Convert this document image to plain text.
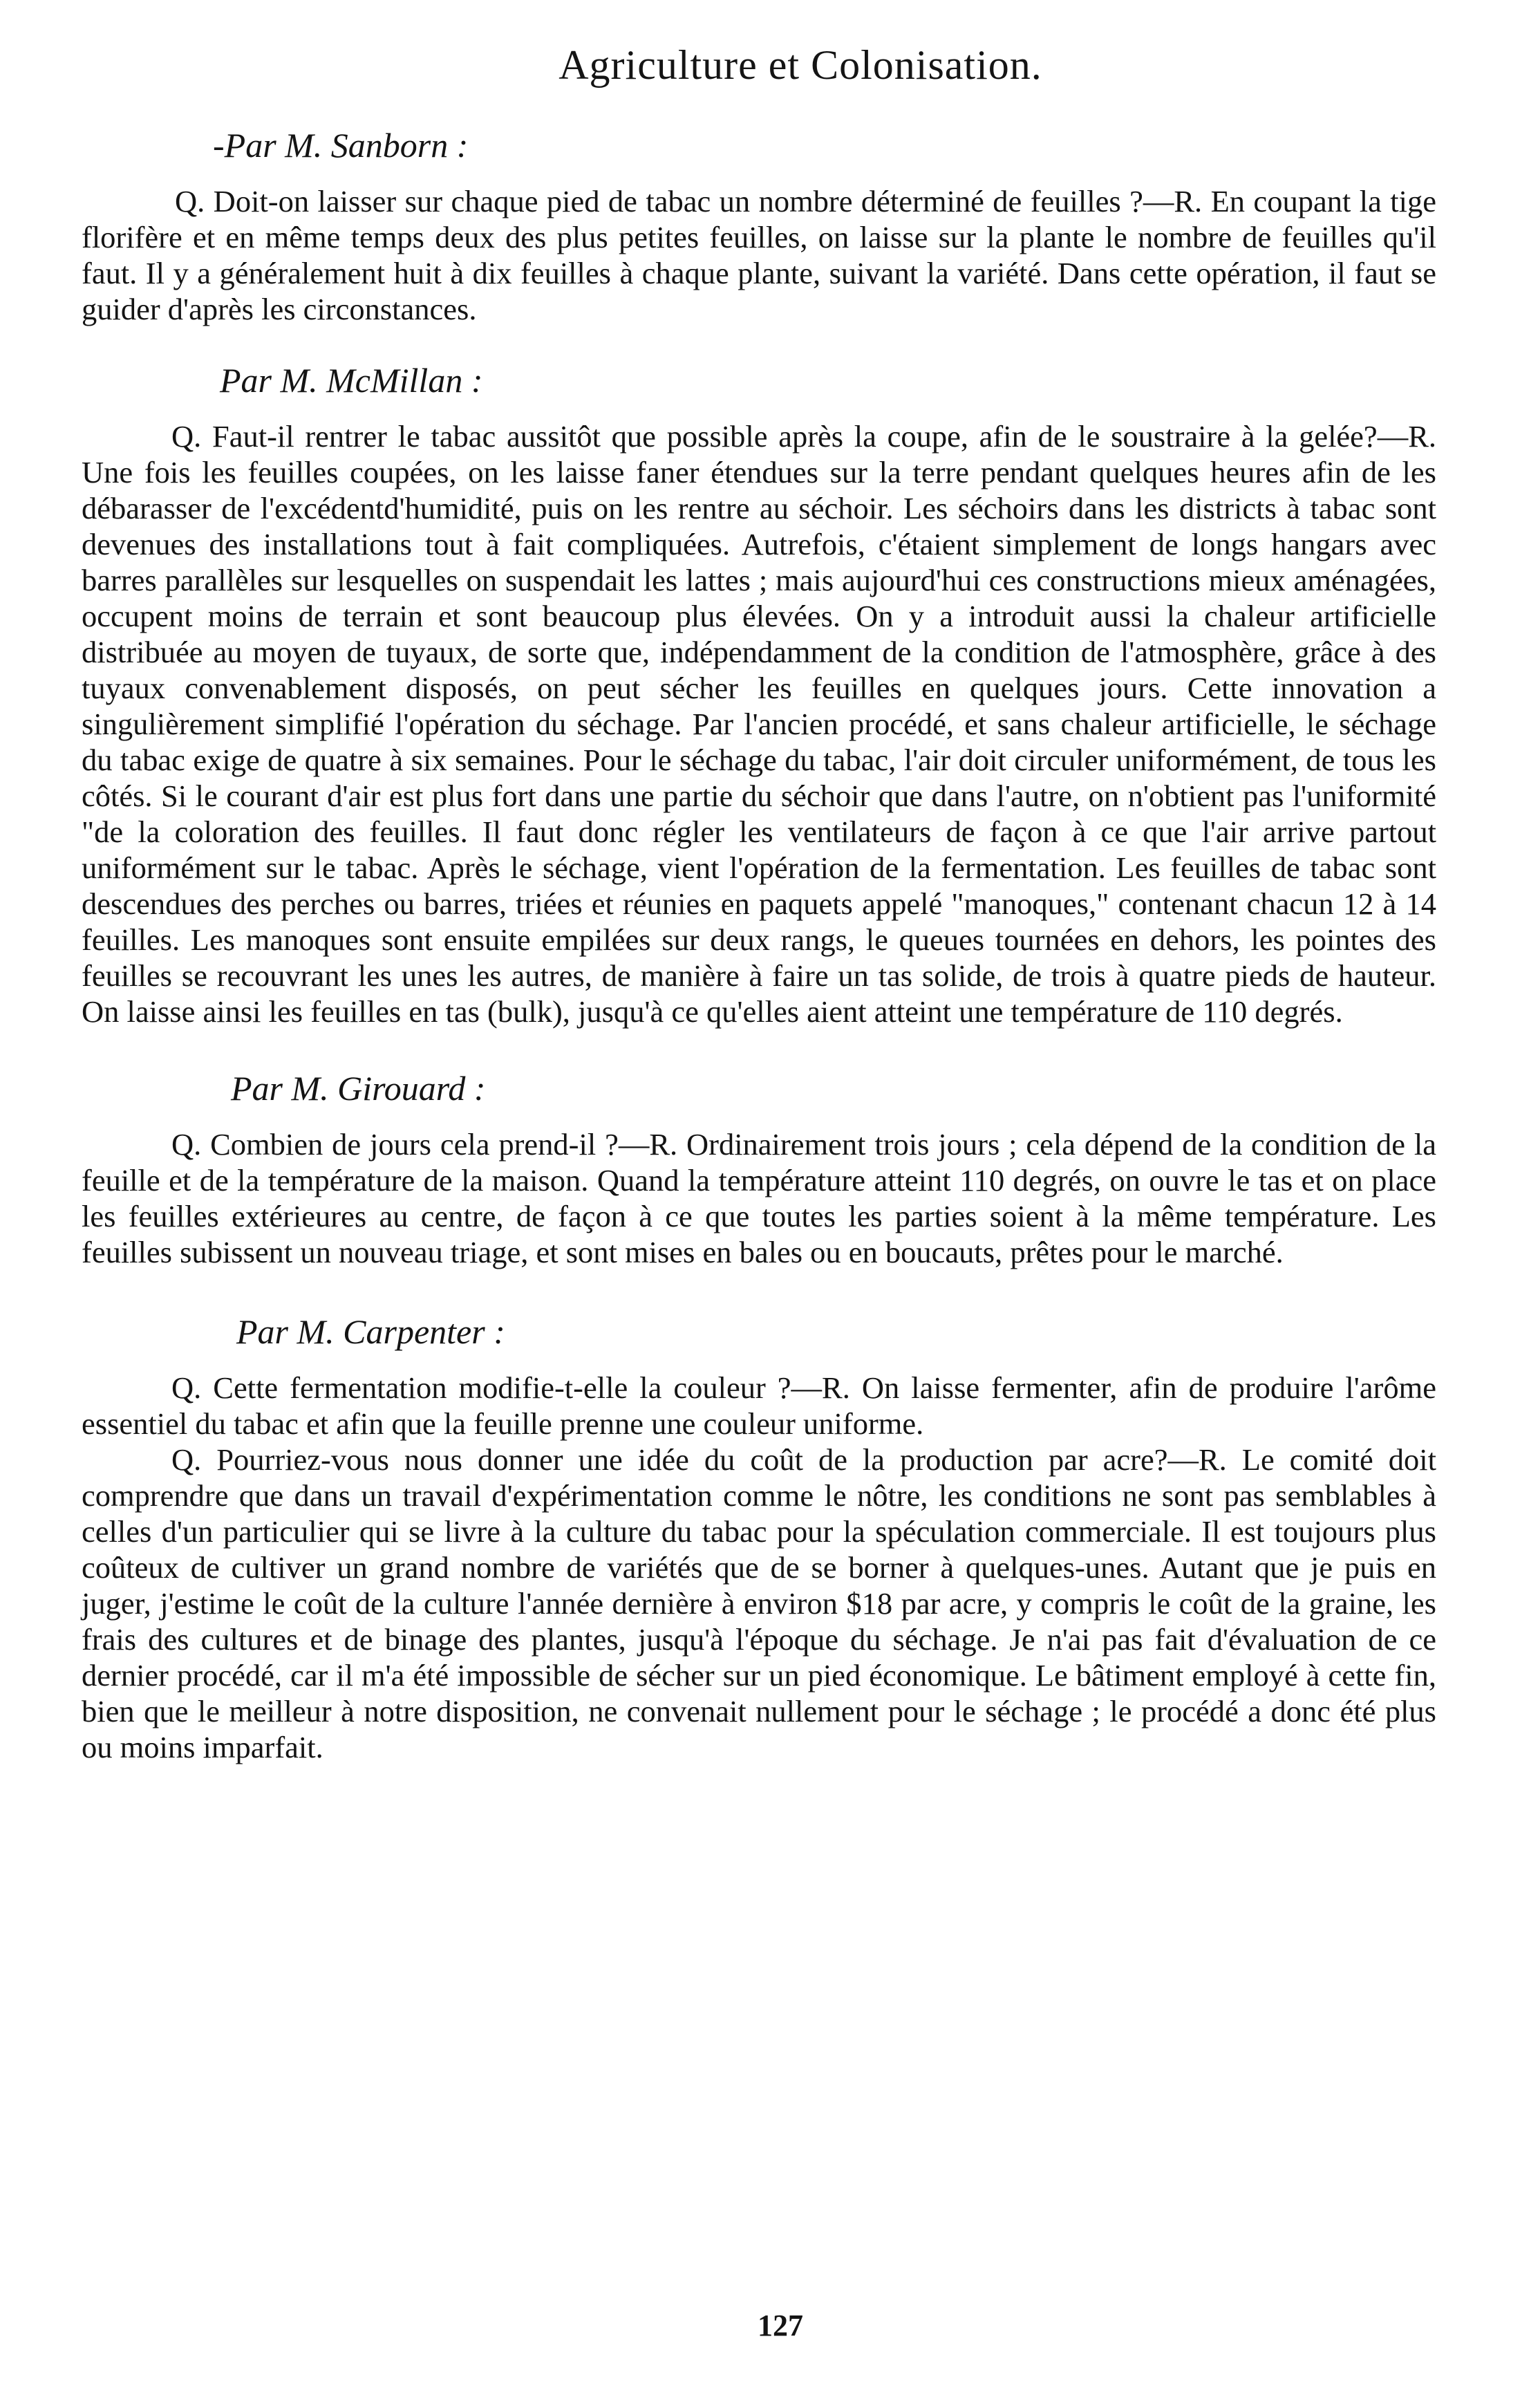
Agriculture et Colonisation.
-Par M. Sanborn :

Q. Doit-on laisser sur chaque pied de tabac un nombre déterminé de feuilles ?—R. En coupant la tige florifère et en même temps deux des plus petites feuilles, on laisse sur la plante le nombre de feuilles qu'il faut. Il y a généralement huit à dix feuilles à chaque plante, suivant la variété. Dans cette opération, il faut se guider d'après les circonstances.

Par M. McMillan :

Q. Faut-il rentrer le tabac aussitôt que possible après la coupe, afin de le soustraire à la gelée?—R. Une fois les feuilles coupées, on les laisse faner étendues sur la terre pendant quelques heures afin de les débarasser de l'excédentd'humidité, puis on les rentre au séchoir. Les séchoirs dans les districts à tabac sont devenues des installations tout à fait compliquées. Autrefois, c'étaient simplement de longs hangars avec barres parallèles sur lesquelles on suspendait les lattes ; mais aujourd'hui ces constructions mieux aménagées, occupent moins de terrain et sont beaucoup plus élevées. On y a introduit aussi la chaleur artificielle distribuée au moyen de tuyaux, de sorte que, indépendamment de la condition de l'atmosphère, grâce à des tuyaux convenablement disposés, on peut sécher les feuilles en quelques jours. Cette innovation a singulièrement simplifié l'opération du séchage. Par l'ancien procédé, et sans chaleur artificielle, le séchage du tabac exige de quatre à six semaines. Pour le séchage du tabac, l'air doit circuler uniformément, de tous les côtés. Si le courant d'air est plus fort dans une partie du séchoir que dans l'autre, on n'obtient pas l'uniformité "de la coloration des feuilles. Il faut donc régler les ventilateurs de façon à ce que l'air arrive partout uniformément sur le tabac. Après le séchage, vient l'opération de la fermentation. Les feuilles de tabac sont descendues des perches ou barres, triées et réunies en paquets appelé "manoques," contenant chacun 12 à 14 feuilles. Les manoques sont ensuite empilées sur deux rangs, le queues tournées en dehors, les pointes des feuilles se recouvrant les unes les autres, de manière à faire un tas solide, de trois à quatre pieds de hauteur. On laisse ainsi les feuilles en tas (bulk), jusqu'à ce qu'elles aient atteint une température de 110 degrés.

Par M. Girouard :

Q. Combien de jours cela prend-il ?—R. Ordinairement trois jours ; cela dépend de la condition de la feuille et de la température de la maison. Quand la température atteint 110 degrés, on ouvre le tas et on place les feuilles extérieures au centre, de façon à ce que toutes les parties soient à la même température. Les feuilles subissent un nouveau triage, et sont mises en bales ou en boucauts, prêtes pour le marché.

Par M. Carpenter :

Q. Cette fermentation modifie-t-elle la couleur ?—R. On laisse fermenter, afin de produire l'arôme essentiel du tabac et afin que la feuille prenne une couleur uniforme.

Q. Pourriez-vous nous donner une idée du coût de la production par acre?—R. Le comité doit comprendre que dans un travail d'expérimentation comme le nôtre, les conditions ne sont pas semblables à celles d'un particulier qui se livre à la culture du tabac pour la spéculation commerciale. Il est toujours plus coûteux de cultiver un grand nombre de variétés que de se borner à quelques-unes. Autant que je puis en juger, j'estime le coût de la culture l'année dernière à environ $18 par acre, y compris le coût de la graine, les frais des cultures et de binage des plantes, jusqu'à l'époque du séchage. Je n'ai pas fait d'évaluation de ce dernier procédé, car il m'a été impossible de sécher sur un pied économique. Le bâtiment employé à cette fin, bien que le meilleur à notre disposition, ne convenait nullement pour le séchage ; le procédé a donc été plus ou moins imparfait.

127
